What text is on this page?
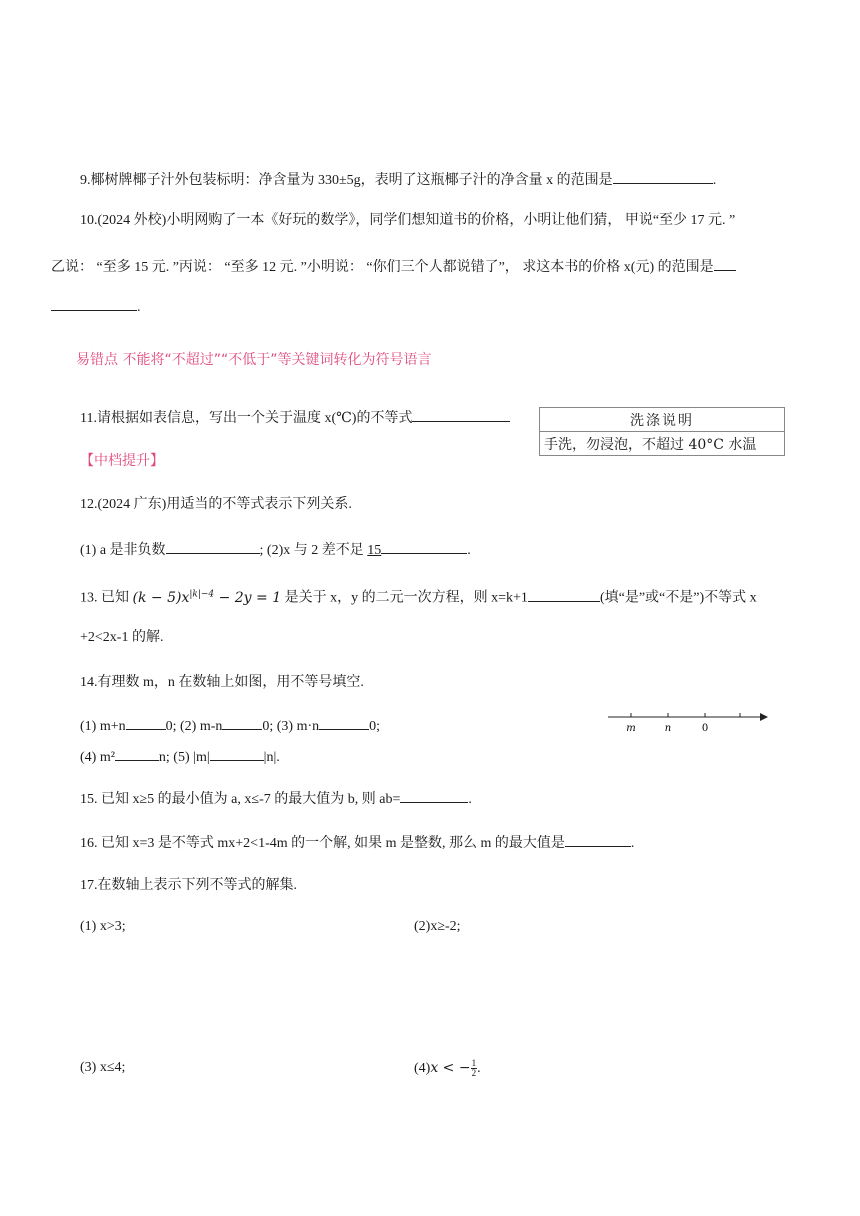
9.椰树牌椰子汁外包装标明：净含量为 330±5g，表明了这瓶椰子汁的净含量 x 的范围是	.
10.(2024 外校)小明网购了一本《好玩的数学》，同学们想知道书的价格，小明让他们猜， 甲说“至少 17 元. ”
乙说： “至多 15 元. ”丙说： “至多 12 元. ”小明说： “你们三个人都说错了”， 求这本书的价格 x(元) 的范围是
.
易错点 不能将“不超过”“不低于”等关键词转化为符号语言
11.请根据如表信息，写出一个关于温度 x(℃)的不等式	洗涤说明
手洗，勿浸泡，不超过 40°C 水温
【中档提升】
12.(2024 广东)用适当的不等式表示下列关系.
(1) a 是非负数	; (2)x 与 2 差不足 15	.
13. 已知 $(k - 5)x^{|k|-4} - 2y = 1$ 是关于 x，y 的二元一次方程，则 x=k+1	(填“是”或“不是”)不等式 x
+2<2x-1 的解.
14.有理数 m，n 在数轴上如图，用不等号填空.
(1) m+n	0; (2) m-n	0; (3) m·n	0;
(4) m²	n; (5) |m|	|n|.
m	n	0
15. 已知 x≥5 的最小值为 a, x≤-7 的最大值为 b, 则 ab=	.
16. 已知 x=3 是不等式 mx+2<1-4m 的一个解, 如果 m 是整数, 那么 m 的最大值是	.
17.在数轴上表示下列不等式的解集.
(1) x>3;	(2)x≥-2;
(3) x≤4;	(4)x < − $\frac{1}{2}$ .
